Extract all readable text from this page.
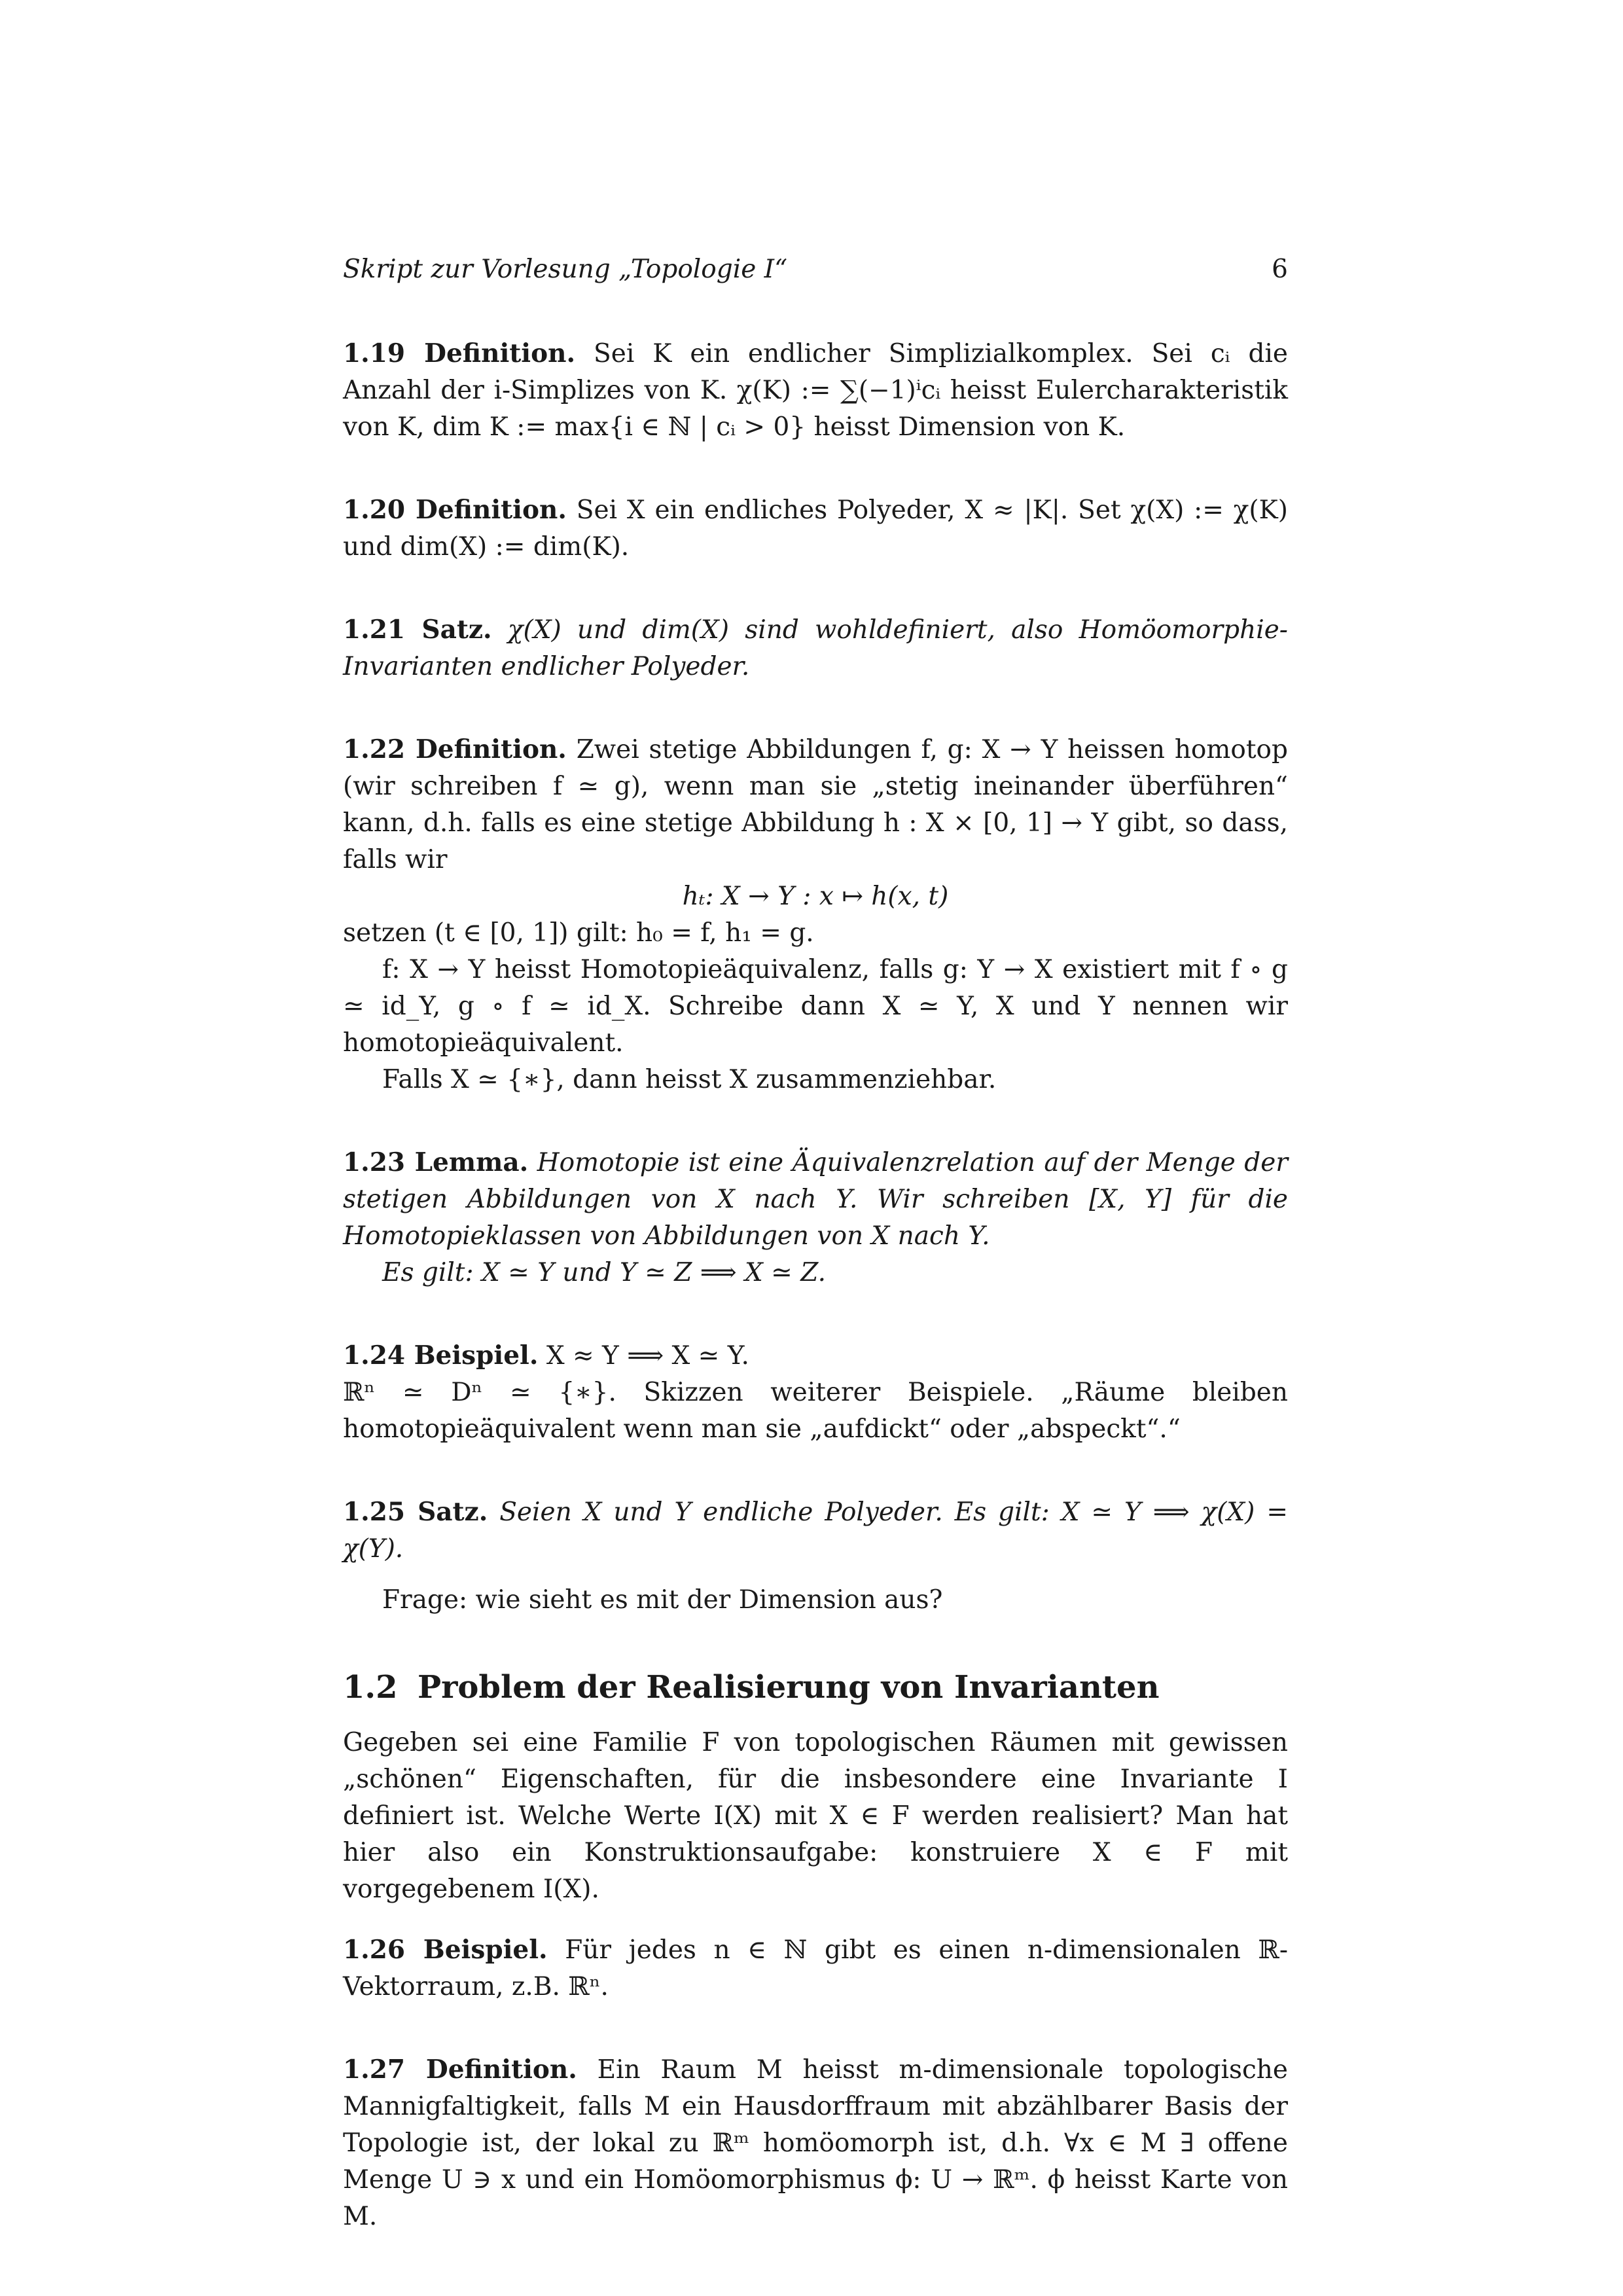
Skript zur Vorlesung „Topologie I“	6

1.19 Definition. Sei K ein endlicher Simplizialkomplex. Sei cᵢ die Anzahl der i-Simplizes von K. χ(K) := ∑(−1)ⁱcᵢ heisst Eulercharakteristik von K, dim K := max{i ∈ ℕ | cᵢ > 0} heisst Dimension von K.

1.20 Definition. Sei X ein endliches Polyeder, X ≈ |K|. Set χ(X) := χ(K) und dim(X) := dim(K).

1.21 Satz. χ(X) und dim(X) sind wohldefiniert, also Homöomorphie-Invarianten endlicher Polyeder.

1.22 Definition. Zwei stetige Abbildungen f, g: X → Y heissen homotop (wir schreiben f ≃ g), wenn man sie „stetig ineinander überführen“ kann, d.h. falls es eine stetige Abbildung h : X × [0, 1] → Y gibt, so dass, falls wir

hₜ: X → Y : x ↦ h(x, t)

setzen (t ∈ [0, 1]) gilt: h₀ = f, h₁ = g.

f: X → Y heisst Homotopieäquivalenz, falls g: Y → X existiert mit f ∘ g ≃ id_Y, g ∘ f ≃ id_X. Schreibe dann X ≃ Y, X und Y nennen wir homotopieäquivalent.

Falls X ≃ {∗}, dann heisst X zusammenziehbar.

1.23 Lemma. Homotopie ist eine Äquivalenzrelation auf der Menge der stetigen Abbildungen von X nach Y. Wir schreiben [X, Y] für die Homotopieklassen von Abbildungen von X nach Y.

Es gilt: X ≃ Y und Y ≃ Z ⟹ X ≃ Z.

1.24 Beispiel. X ≈ Y ⟹ X ≃ Y.

ℝⁿ ≃ Dⁿ ≃ {∗}. Skizzen weiterer Beispiele. „Räume bleiben homotopieäquivalent wenn man sie „aufdickt“ oder „abspeckt“.“

1.25 Satz. Seien X und Y endliche Polyeder. Es gilt: X ≃ Y ⟹ χ(X) = χ(Y).

Frage: wie sieht es mit der Dimension aus?

1.2 Problem der Realisierung von Invarianten

Gegeben sei eine Familie F von topologischen Räumen mit gewissen „schönen“ Eigenschaften, für die insbesondere eine Invariante I definiert ist. Welche Werte I(X) mit X ∈ F werden realisiert? Man hat hier also ein Konstruktionsaufgabe: konstruiere X ∈ F mit vorgegebenem I(X).

1.26 Beispiel. Für jedes n ∈ ℕ gibt es einen n-dimensionalen ℝ-Vektorraum, z.B. ℝⁿ.

1.27 Definition. Ein Raum M heisst m-dimensionale topologische Mannigfaltigkeit, falls M ein Hausdorffraum mit abzählbarer Basis der Topologie ist, der lokal zu ℝᵐ homöomorph ist, d.h. ∀x ∈ M ∃ offene Menge U ∋ x und ein Homöomorphismus ϕ: U → ℝᵐ. ϕ heisst Karte von M.
